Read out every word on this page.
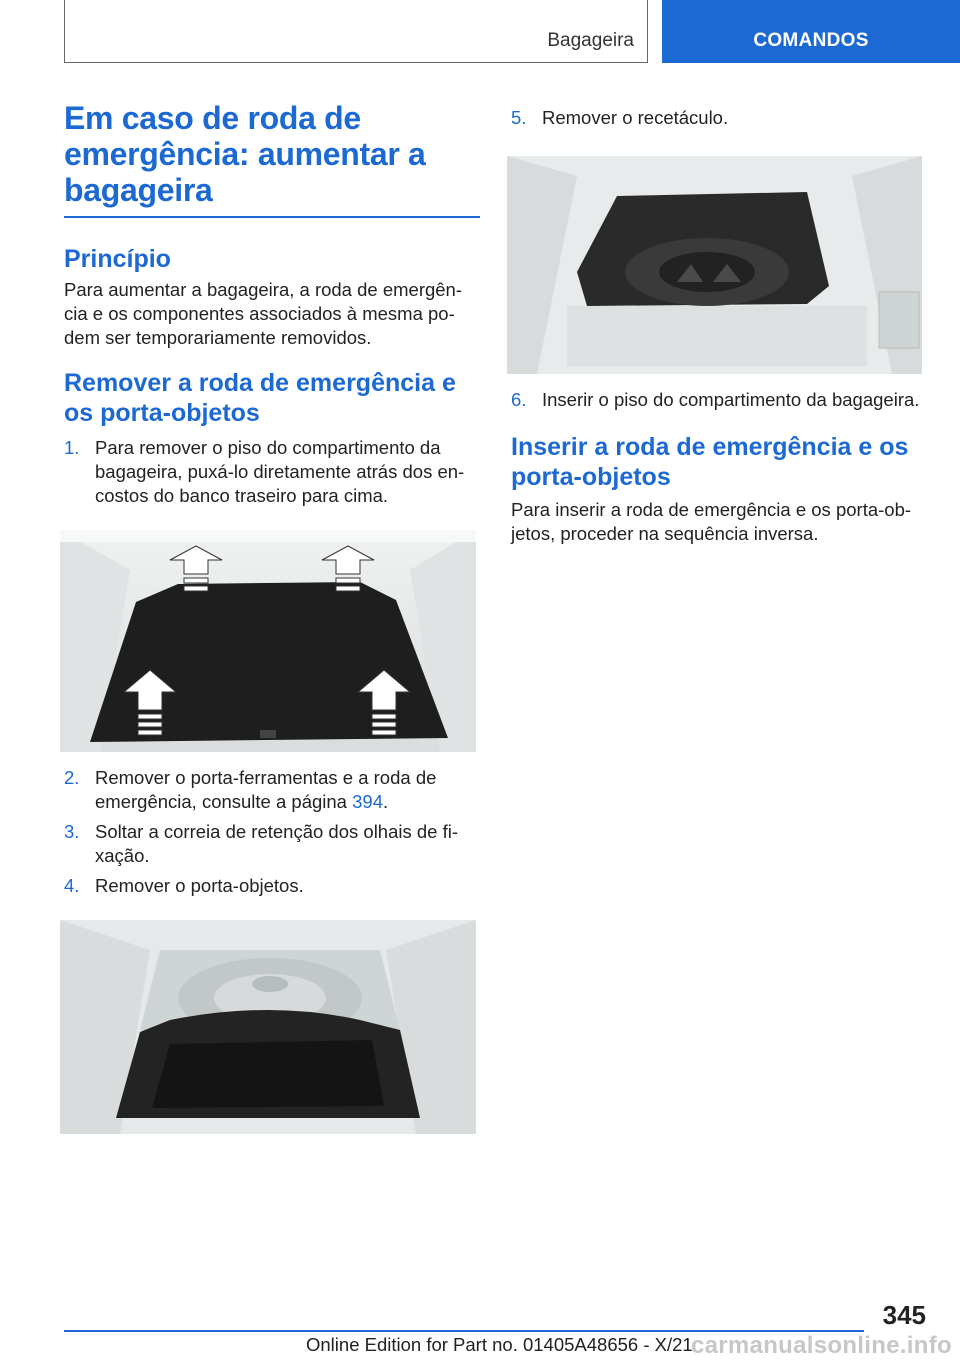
Bagageira	COMANDOS
Em caso de roda de emergência: aumentar a bagageira
Princípio

Para aumentar a bagageira, a roda de emergên-cia e os componentes associados à mesma po-dem ser temporariamente removidos.

Remover a roda de emergência e os porta-objetos
1. Para remover o piso do compartimento da bagageira, puxá-lo diretamente atrás dos en-costos do banco traseiro para cima.
2. Remover o porta-ferramentas e a roda de emergência, consulte a página 394.
3. Soltar a correia de retenção dos olhais de fi-xação.
4. Remover o porta-objetos.
5. Remover o recetáculo.
6. Inserir o piso do compartimento da bagageira.
Inserir a roda de emergência e os porta-objetos

Para inserir a roda de emergência e os porta-ob-jetos, proceder na sequência inversa.

345
Online Edition for Part no. 01405A48656 - X/21
carmanualsonline.info
